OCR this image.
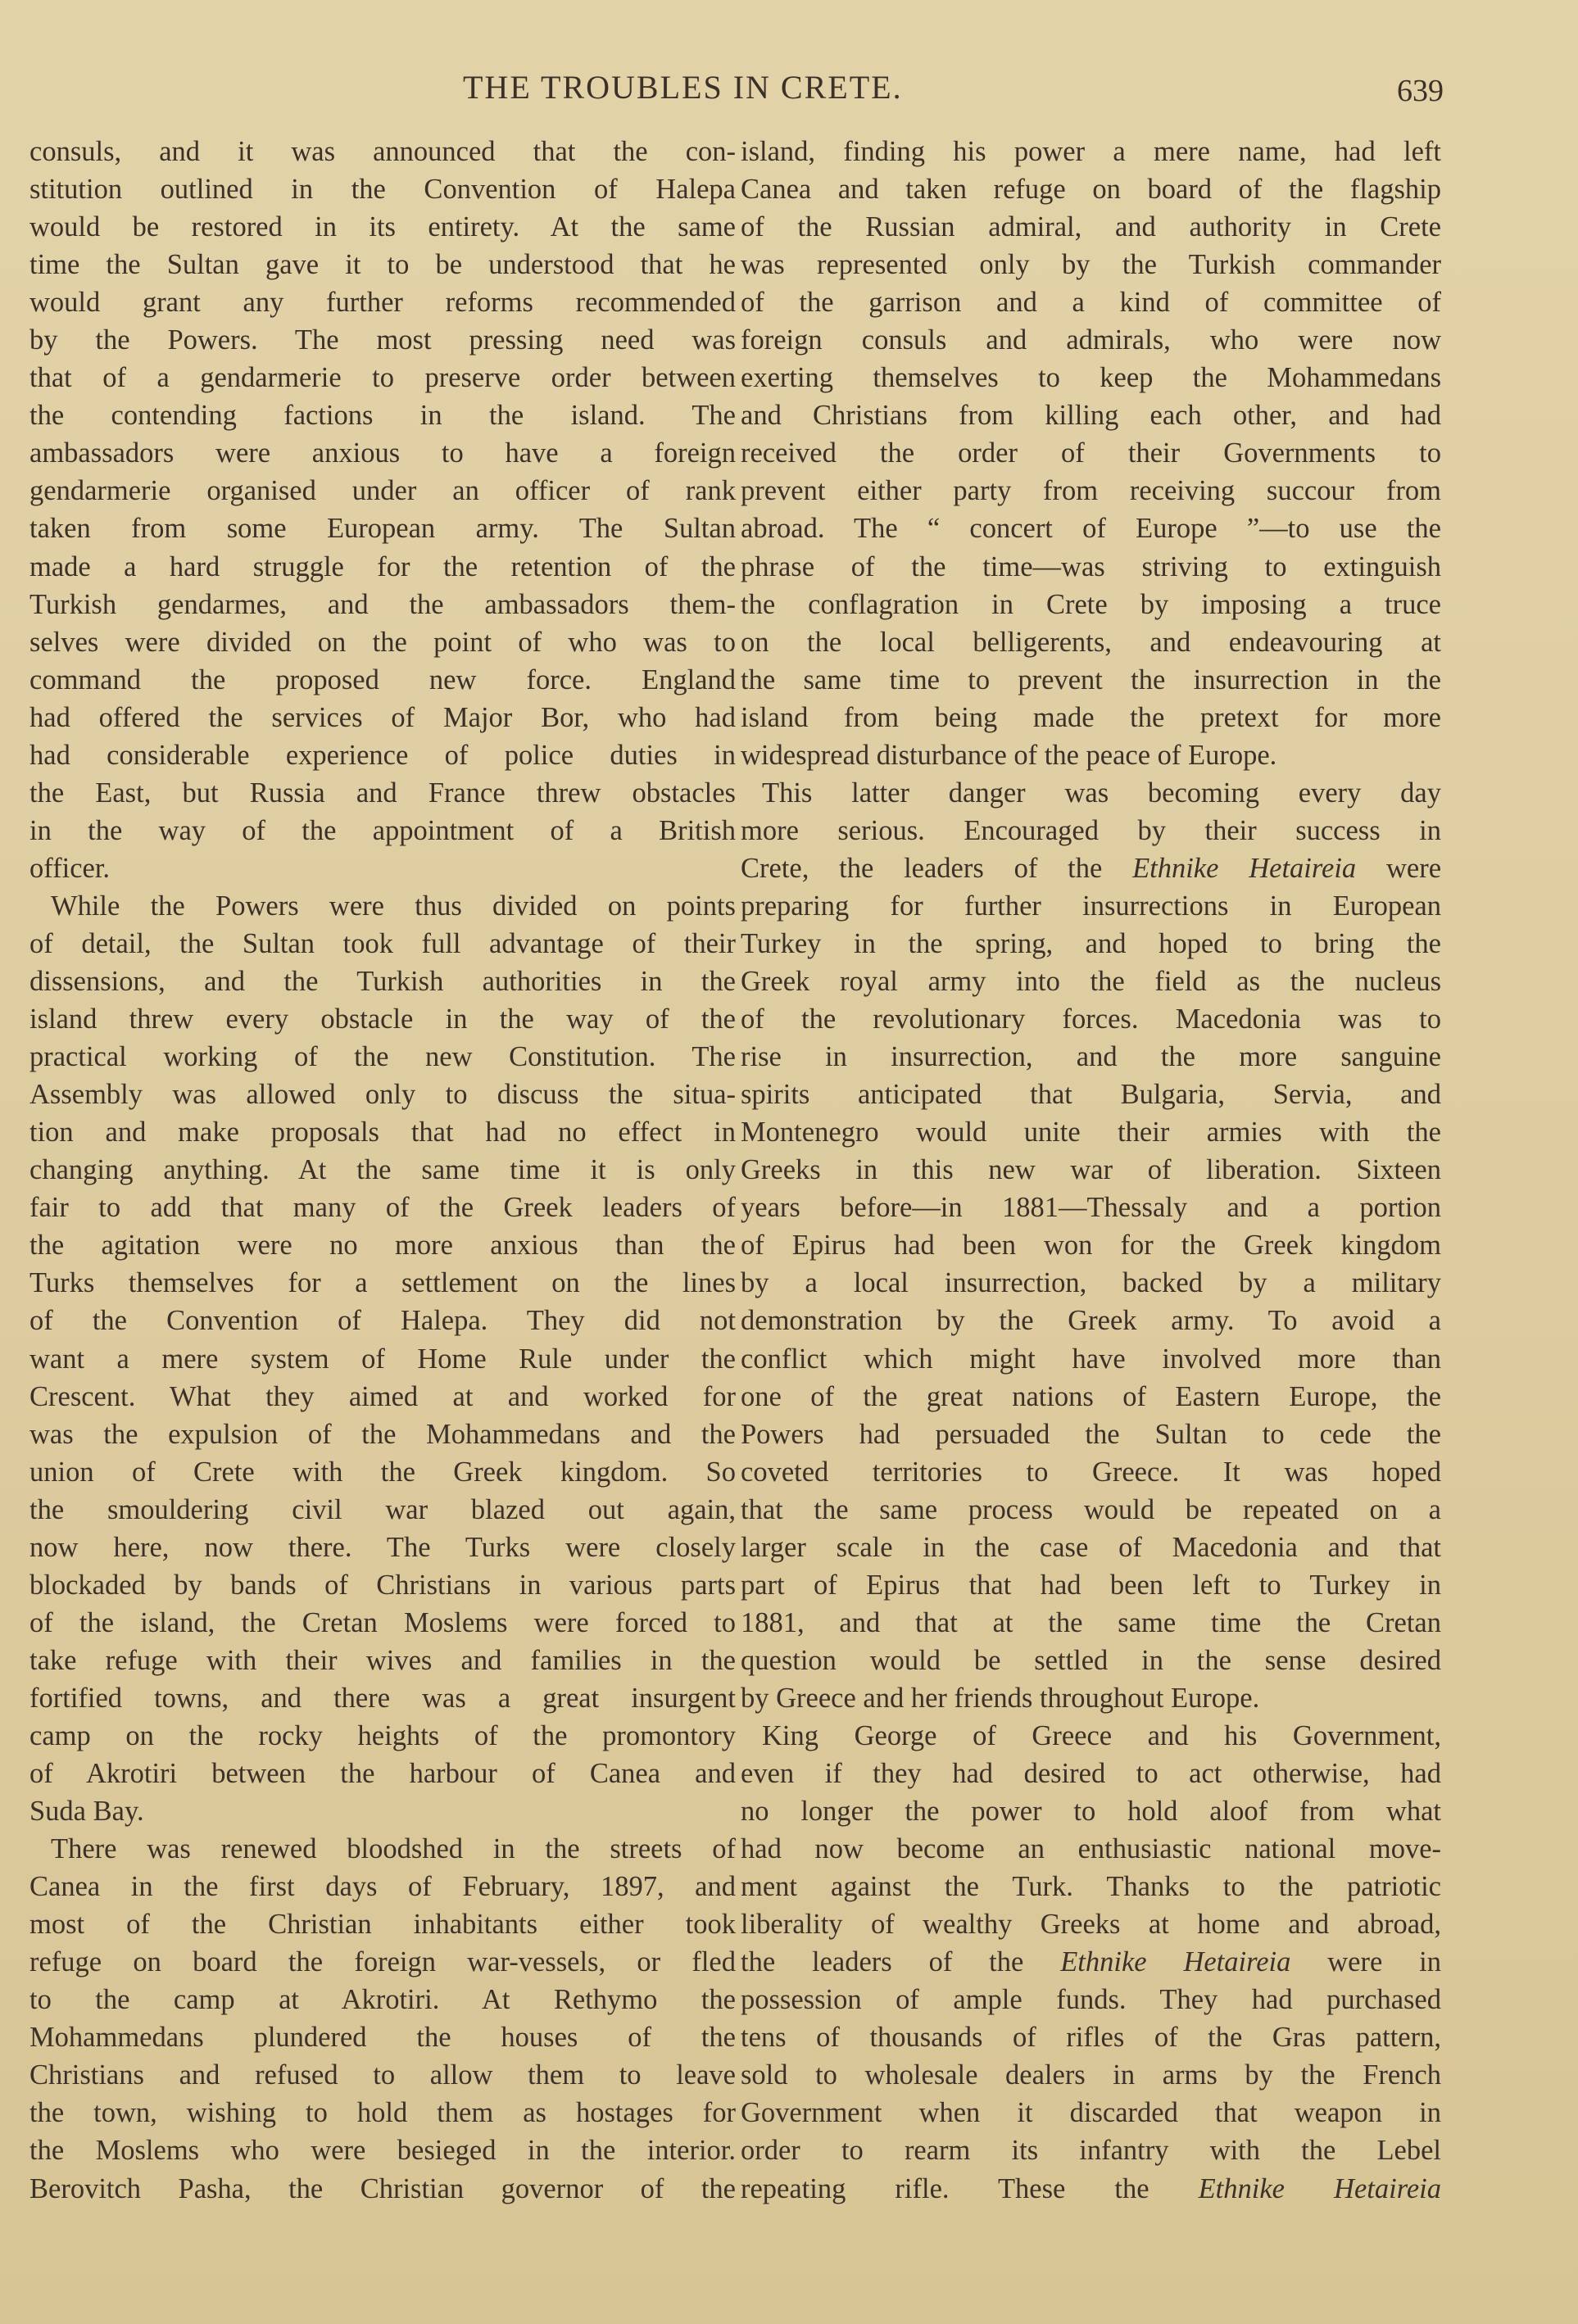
THE TROUBLES IN CRETE.	639
consuls, and it was announced that the con-
stitution outlined in the Convention of Halepa
would be restored in its entirety. At the same
time the Sultan gave it to be understood that he
would grant any further reforms recommended
by the Powers. The most pressing need was
that of a gendarmerie to preserve order between
the contending factions in the island. The
ambassadors were anxious to have a foreign
gendarmerie organised under an officer of rank
taken from some European army. The Sultan
made a hard struggle for the retention of the
Turkish gendarmes, and the ambassadors them-
selves were divided on the point of who was to
command the proposed new force. England
had offered the services of Major Bor, who had
had considerable experience of police duties in
the East, but Russia and France threw obstacles
in the way of the appointment of a British
officer.
While the Powers were thus divided on points
of detail, the Sultan took full advantage of their
dissensions, and the Turkish authorities in the
island threw every obstacle in the way of the
practical working of the new Constitution. The
Assembly was allowed only to discuss the situa-
tion and make proposals that had no effect in
changing anything. At the same time it is only
fair to add that many of the Greek leaders of
the agitation were no more anxious than the
Turks themselves for a settlement on the lines
of the Convention of Halepa. They did not
want a mere system of Home Rule under the
Crescent. What they aimed at and worked for
was the expulsion of the Mohammedans and the
union of Crete with the Greek kingdom. So
the smouldering civil war blazed out again,
now here, now there. The Turks were closely
blockaded by bands of Christians in various parts
of the island, the Cretan Moslems were forced to
take refuge with their wives and families in the
fortified towns, and there was a great insurgent
camp on the rocky heights of the promontory
of Akrotiri between the harbour of Canea and
Suda Bay.
There was renewed bloodshed in the streets of
Canea in the first days of February, 1897, and
most of the Christian inhabitants either took
refuge on board the foreign war-vessels, or fled
to the camp at Akrotiri. At Rethymo the
Mohammedans plundered the houses of the
Christians and refused to allow them to leave
the town, wishing to hold them as hostages for
the Moslems who were besieged in the interior.
Berovitch Pasha, the Christian governor of the
island, finding his power a mere name, had left
Canea and taken refuge on board of the flagship
of the Russian admiral, and authority in Crete
was represented only by the Turkish commander
of the garrison and a kind of committee of
foreign consuls and admirals, who were now
exerting themselves to keep the Mohammedans
and Christians from killing each other, and had
received the order of their Governments to
prevent either party from receiving succour from
abroad. The “ concert of Europe ”—to use the
phrase of the time—was striving to extinguish
the conflagration in Crete by imposing a truce
on the local belligerents, and endeavouring at
the same time to prevent the insurrection in the
island from being made the pretext for more
widespread disturbance of the peace of Europe.
This latter danger was becoming every day
more serious. Encouraged by their success in
Crete, the leaders of the Ethnike Hetaireia were
preparing for further insurrections in European
Turkey in the spring, and hoped to bring the
Greek royal army into the field as the nucleus
of the revolutionary forces. Macedonia was to
rise in insurrection, and the more sanguine
spirits anticipated that Bulgaria, Servia, and
Montenegro would unite their armies with the
Greeks in this new war of liberation. Sixteen
years before—in 1881—Thessaly and a portion
of Epirus had been won for the Greek kingdom
by a local insurrection, backed by a military
demonstration by the Greek army. To avoid a
conflict which might have involved more than
one of the great nations of Eastern Europe, the
Powers had persuaded the Sultan to cede the
coveted territories to Greece. It was hoped
that the same process would be repeated on a
larger scale in the case of Macedonia and that
part of Epirus that had been left to Turkey in
1881, and that at the same time the Cretan
question would be settled in the sense desired
by Greece and her friends throughout Europe.
King George of Greece and his Government,
even if they had desired to act otherwise, had
no longer the power to hold aloof from what
had now become an enthusiastic national move-
ment against the Turk. Thanks to the patriotic
liberality of wealthy Greeks at home and abroad,
the leaders of the Ethnike Hetaireia were in
possession of ample funds. They had purchased
tens of thousands of rifles of the Gras pattern,
sold to wholesale dealers in arms by the French
Government when it discarded that weapon in
order to rearm its infantry with the Lebel
repeating rifle. These the Ethnike Hetaireia
